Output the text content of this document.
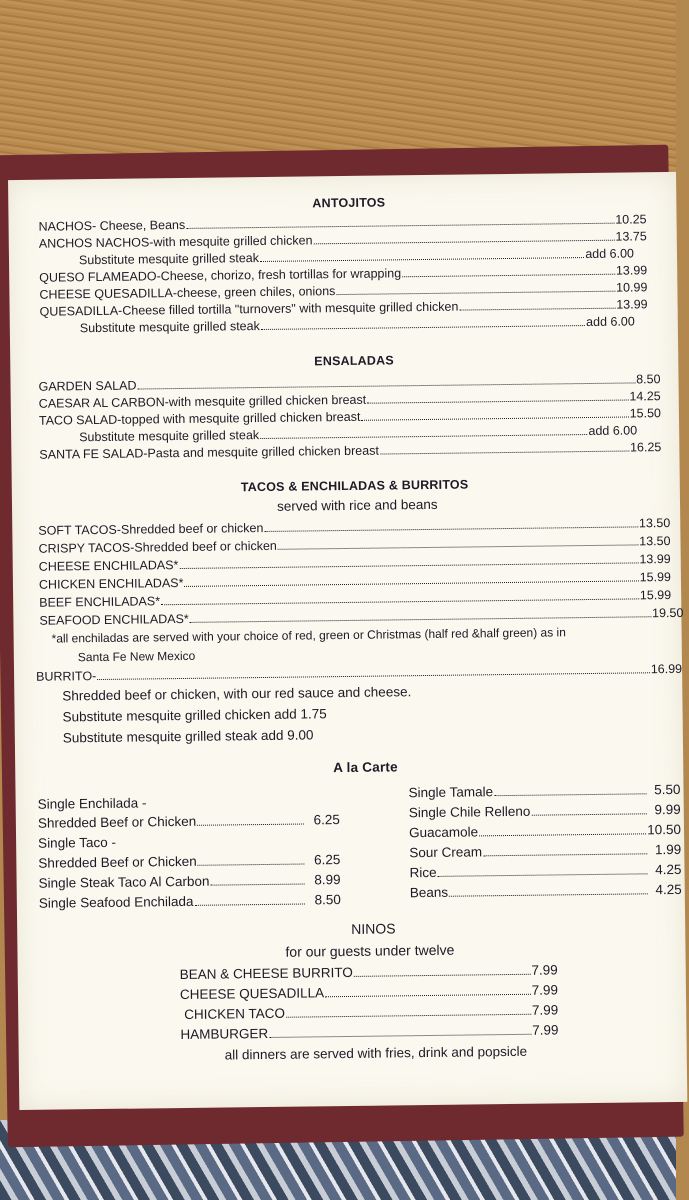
ANTOJITOS
NACHOS- Cheese, Beans	10.25
ANCHOS NACHOS-with mesquite grilled chicken	13.75
Substitute mesquite grilled steak	add 6.00
QUESO FLAMEADO-Cheese, chorizo, fresh tortillas for wrapping	13.99
CHEESE QUESADILLA-cheese, green chiles, onions	10.99
QUESADILLA-Cheese filled tortilla "turnovers" with mesquite grilled chicken	13.99
Substitute mesquite grilled steak	add 6.00
ENSALADAS
GARDEN SALAD	8.50
CAESAR AL CARBON-with mesquite grilled chicken breast	14.25
TACO SALAD-topped with mesquite grilled chicken breast	15.50
Substitute mesquite grilled steak	add 6.00
SANTA FE SALAD-Pasta and mesquite grilled chicken breast	16.25
TACOS & ENCHILADAS & BURRITOS
served with rice and beans
SOFT TACOS-Shredded beef or chicken	13.50
CRISPY TACOS-Shredded beef or chicken	13.50
CHEESE ENCHILADAS*	13.99
CHICKEN ENCHILADAS*	15.99
BEEF ENCHILADAS*	15.99
SEAFOOD ENCHILADAS*	19.50
*all enchiladas are served with your choice of red, green or Christmas (half red &half green) as in
Santa Fe New Mexico
BURRITO-	16.99
Shredded beef or chicken, with our red sauce and cheese.
Substitute mesquite grilled chicken add 1.75
Substitute mesquite grilled steak add 9.00
A la Carte
Single Enchilada -
Shredded Beef or Chicken	6.25
Single Taco -
Shredded Beef or Chicken	6.25
Single Steak Taco Al Carbon	8.99
Single Seafood Enchilada	8.50
Single Tamale	5.50
Single Chile Relleno	9.99
Guacamole	10.50
Sour Cream	1.99
Rice	4.25
Beans	4.25
NINOS
for our guests under twelve
BEAN & CHEESE BURRITO	7.99
CHEESE QUESADILLA	7.99
CHICKEN TACO	7.99
HAMBURGER	7.99
all dinners are served with fries, drink and popsicle
